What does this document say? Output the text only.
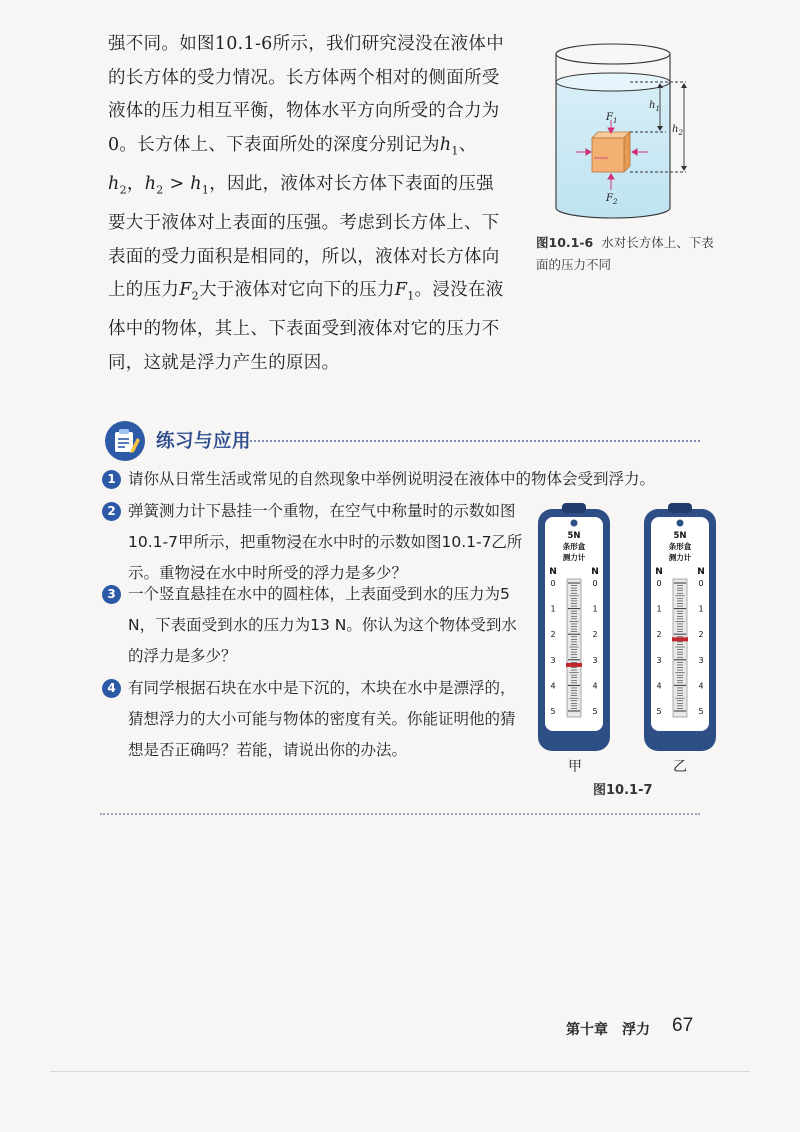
强不同。如图10.1-6所示，我们研究浸没在液体中的长方体的受力情况。长方体两个相对的侧面所受液体的压力相互平衡，物体水平方向所受的合力为0。长方体上、下表面所处的深度分别记为$h_1$、$h_2$，$h_2 > h_1$，因此，液体对长方体下表面的压强要大于液体对上表面的压强。考虑到长方体上、下表面的受力面积是相同的，所以，液体对长方体向上的压力$F_2$大于液体对它向下的压力$F_1$。浸没在液体中的物体，其上、下表面受到液体对它的压力不同，这就是浮力产生的原因。

$F_1$
$F_2$
$h_1$
$h_2$
图10.1-6 水对长方体上、下表面的压力不同
练习与应用

1 请你从日常生活或常见的自然现象中举例说明浸在液体中的物体会受到浮力。

2 弹簧测力计下悬挂一个重物，在空气中称量时的示数如图10.1-7甲所示，把重物浸在水中时的示数如图10.1-7乙所示。重物浸在水中时所受的浮力是多少？

3 一个竖直悬挂在水中的圆柱体，上表面受到水的压力为5 N，下表面受到水的压力为13 N。你认为这个物体受到水的浮力是多少？

4 有同学根据石块在水中是下沉的，木块在水中是漂浮的，猜想浮力的大小可能与物体的密度有关。你能证明他的猜想是否正确吗？若能，请说出你的办法。

5N
条形盒
测力计
N	N
0	0
1	1
2	2
3	3
4	4
5	5
5N
条形盒
测力计
N	N
0	0
1	1
2	2
3	3
4	4
5	5
甲	乙
图10.1-7
第十章　浮力 67
